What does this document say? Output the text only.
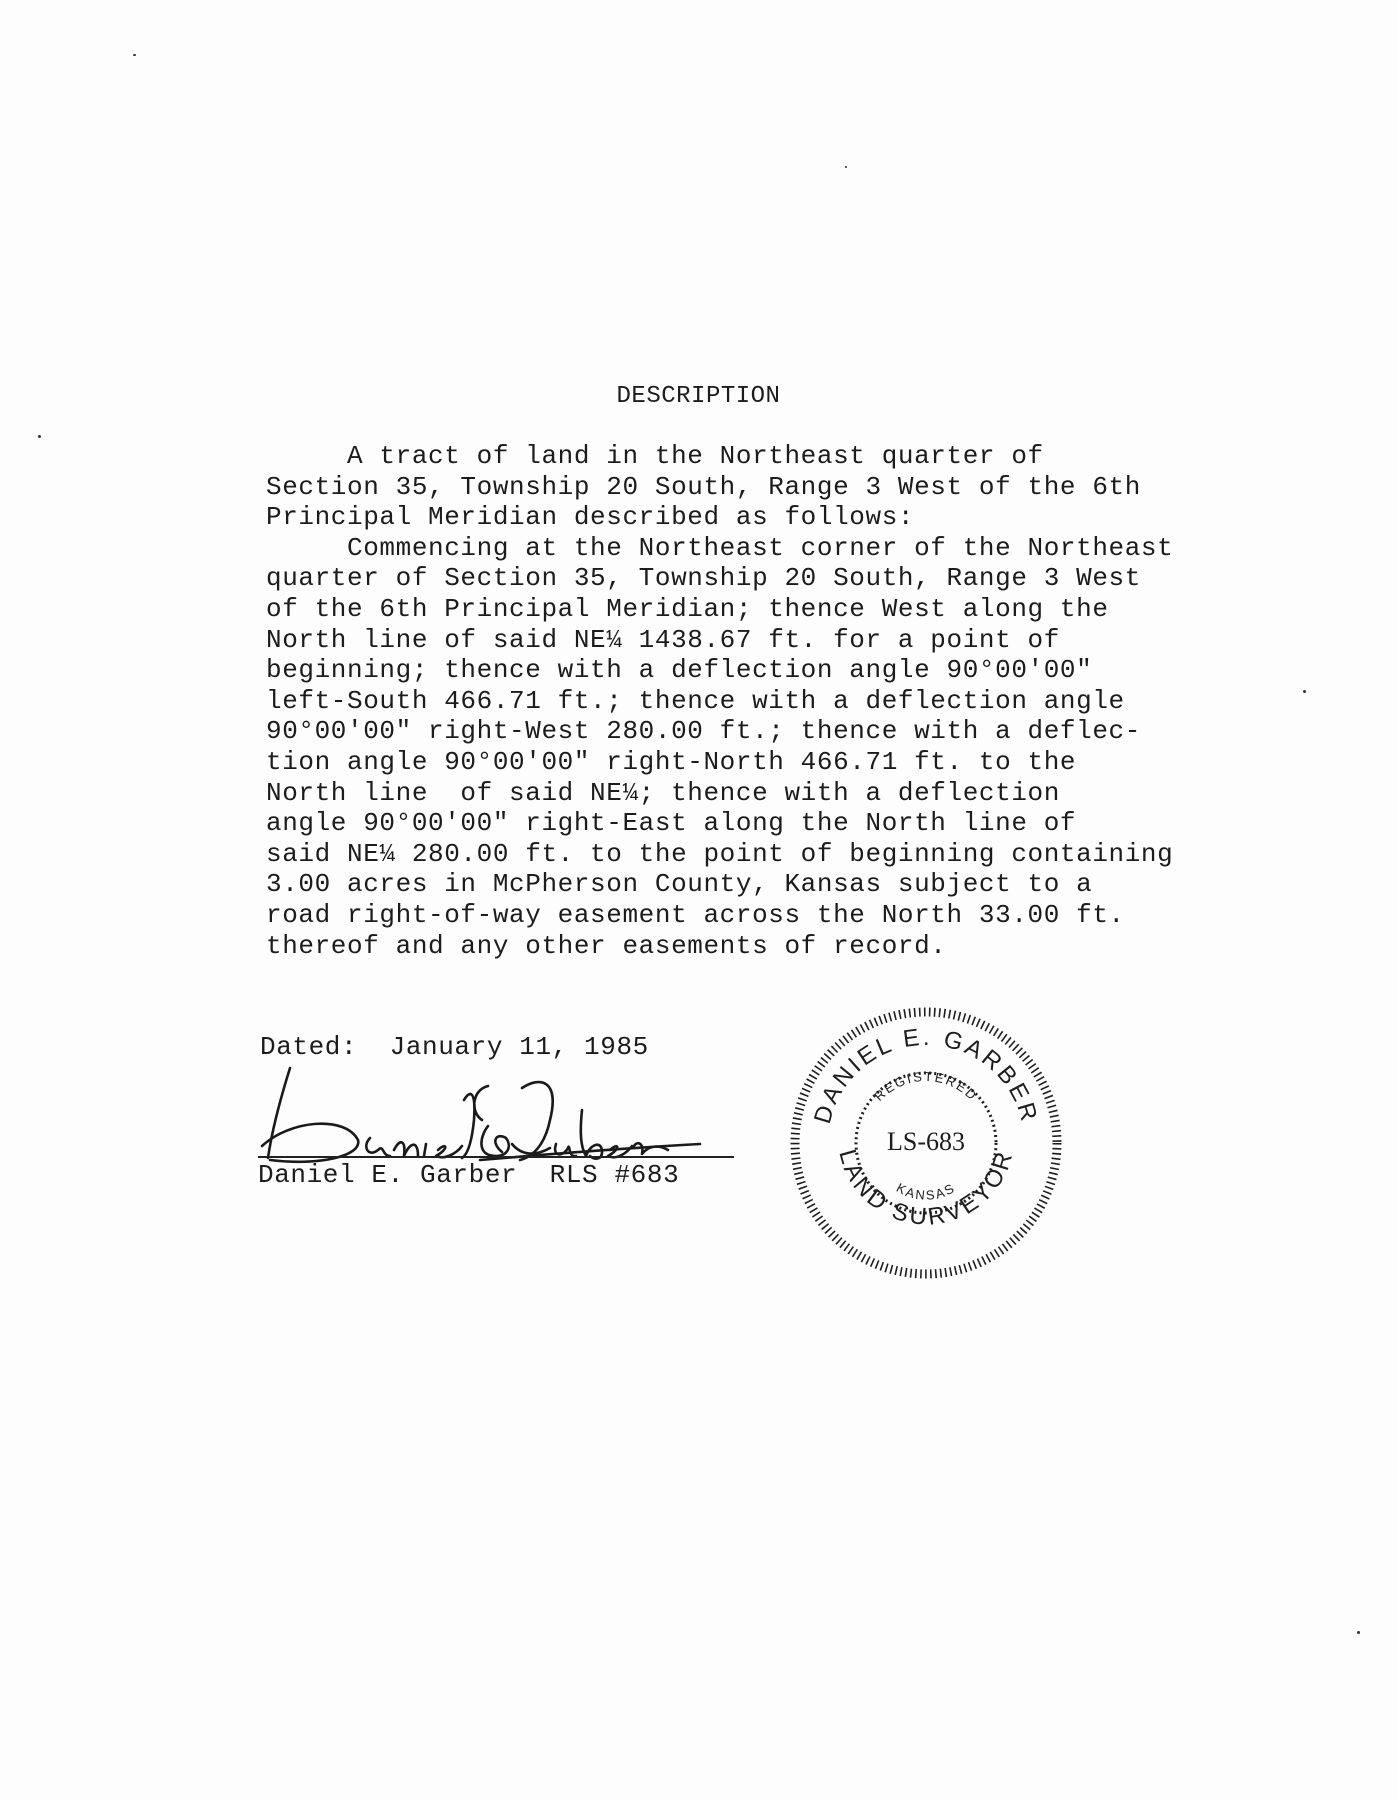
DESCRIPTION
A tract of land in the Northeast quarter of
Section 35, Township 20 South, Range 3 West of the 6th
Principal Meridian described as follows:
Commencing at the Northeast corner of the Northeast
quarter of Section 35, Township 20 South, Range 3 West
of the 6th Principal Meridian; thence West along the
North line of said NE¼ 1438.67 ft. for a point of
beginning; thence with a deflection angle 90°00'00"
left-South 466.71 ft.; thence with a deflection angle
90°00'00" right-West 280.00 ft.; thence with a deflec-
tion angle 90°00'00" right-North 466.71 ft. to the
North line  of said NE¼; thence with a deflection
angle 90°00'00" right-East along the North line of
said NE¼ 280.00 ft. to the point of beginning containing
3.00 acres in McPherson County, Kansas subject to a
road right-of-way easement across the North 33.00 ft.
thereof and any other easements of record.
Dated: January 11, 1985
Daniel E. Garber RLS #683
DANIEL E. GARBER
LAND SURVEYOR
REGISTERED
KANSAS
LS-683
